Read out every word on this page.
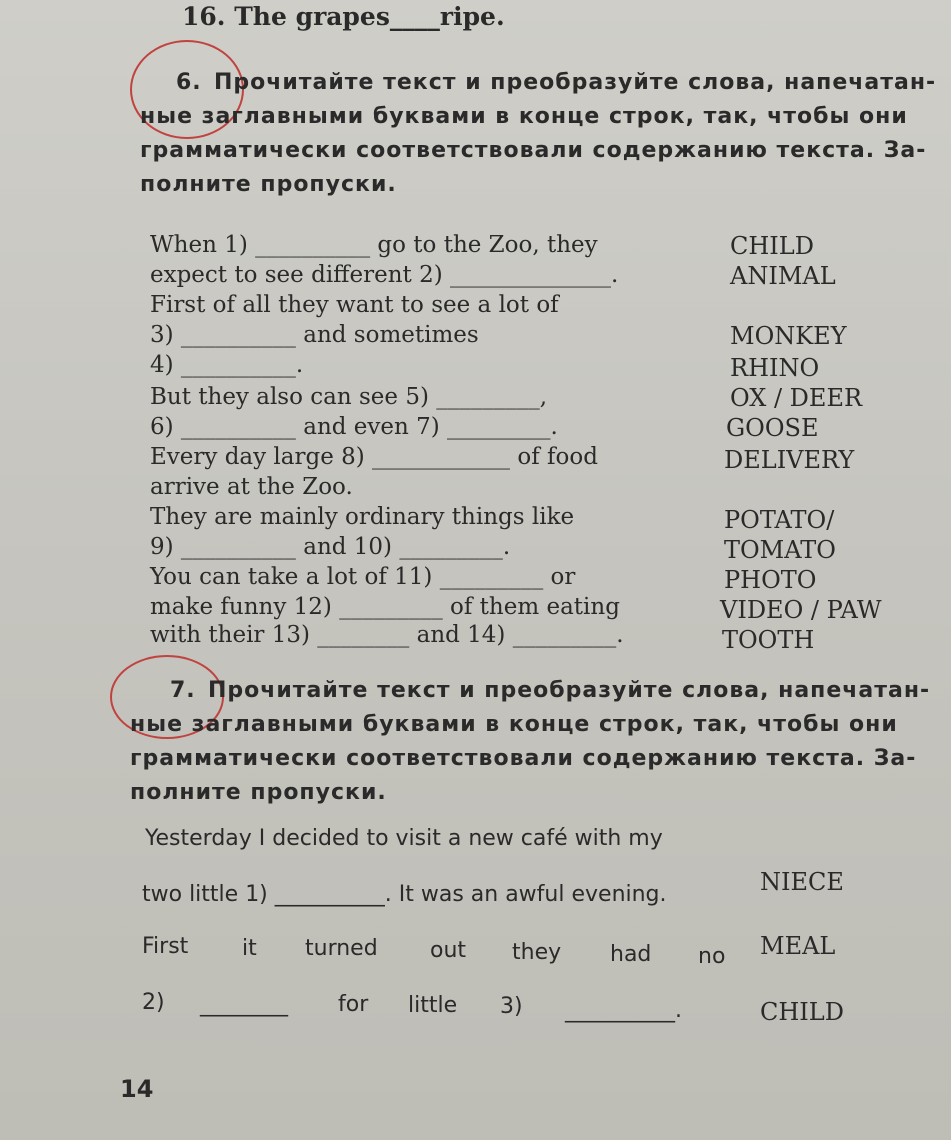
16. The grapes____ripe.
6. Прочитайте текст и преобразуйте слова, напечатан-
ные заглавными буквами в конце строк, так, чтобы они
грамматически соответствовали содержанию текста. За-
полните пропуски.
When 1) __________ go to the Zoo, they
expect to see different 2) ______________.
First of all they want to see a lot of
3) __________ and sometimes
4) __________.
But they also can see 5) _________,
6) __________ and even 7) _________.
Every day large 8) ____________ of food
arrive at the Zoo.
They are mainly ordinary things like
9) __________ and 10) _________.
You can take a lot of 11) _________ or
make funny 12) _________ of them eating
with their 13) ________ and 14) _________.
CHILD
ANIMAL
MONKEY
RHINO
OX / DEER
GOOSE
DELIVERY
POTATO/
TOMATO
PHOTO
VIDEO / PAW
TOOTH
7. Прочитайте текст и преобразуйте слова, напечатан-
ные заглавными буквами в конце строк, так, чтобы они
грамматически соответствовали содержанию текста. За-
полните пропуски.
Yesterday I decided to visit a new café with my
two little 1) __________. It was an awful evening.
First it turned out they had no
2) ________ for little 3) __________.
NIECE
MEAL
CHILD
14
